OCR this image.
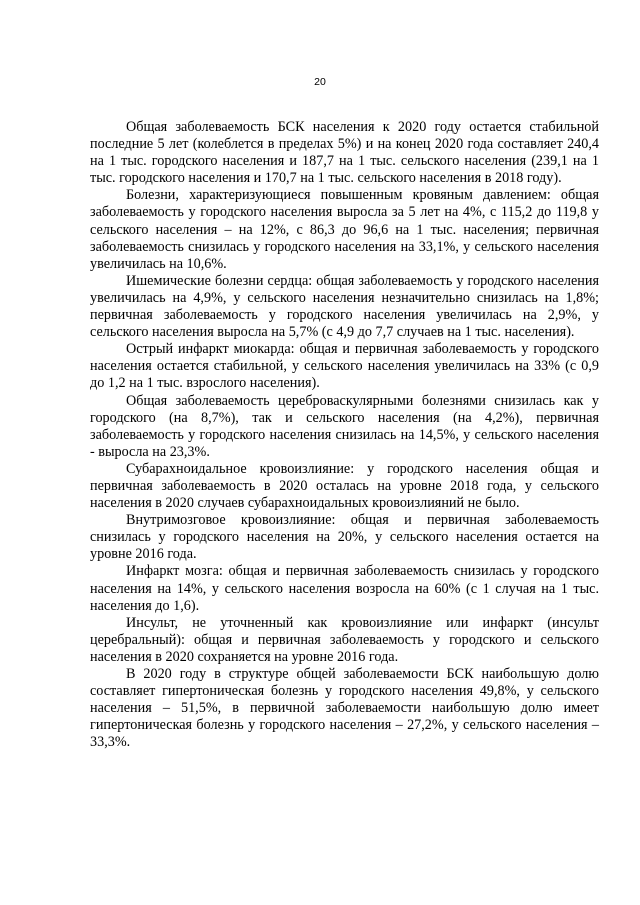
20

Общая заболеваемость БСК населения к 2020 году остается стабильной последние 5 лет (колеблется в пределах 5%) и на конец 2020 года составляет 240,4 на 1 тыс. городского населения и 187,7 на 1 тыс. сельского населения (239,1 на 1 тыс. городского населения и 170,7 на 1 тыс. сельского населения в 2018 году).

Болезни, характеризующиеся повышенным кровяным давлением: общая заболеваемость у городского населения выросла за 5 лет на 4%, с 115,2 до 119,8 у сельского населения – на 12%, с 86,3 до 96,6 на 1 тыс. населения; первичная заболеваемость снизилась у городского населения на 33,1%, у сельского населения увеличилась на 10,6%.

Ишемические болезни сердца: общая заболеваемость у городского населения увеличилась на 4,9%, у сельского населения незначительно снизилась на 1,8%; первичная заболеваемость у городского населения увеличилась на 2,9%, у сельского населения выросла на 5,7% (с 4,9 до 7,7 случаев на 1 тыс. населения).

Острый инфаркт миокарда: общая и первичная заболеваемость у городского населения остается стабильной, у сельского населения увеличилась на 33% (с 0,9 до 1,2 на 1 тыс. взрослого населения).

Общая заболеваемость цереброваскулярными болезнями снизилась как у городского (на 8,7%), так и сельского населения (на 4,2%), первичная заболеваемость у городского населения снизилась на 14,5%, у сельского населения - выросла на 23,3%.

Субарахноидальное кровоизлияние: у городского населения общая и первичная заболеваемость в 2020 осталась на уровне 2018 года, у сельского населения в 2020 случаев субарахноидальных кровоизлияний не было.

Внутримозговое кровоизлияние: общая и первичная заболеваемость снизилась у городского населения на 20%, у сельского населения остается на уровне 2016 года.

Инфаркт мозга: общая и первичная заболеваемость снизилась у городского населения на 14%, у сельского населения возросла на 60% (с 1 случая на 1 тыс. населения до 1,6).

Инсульт, не уточненный как кровоизлияние или инфаркт (инсульт церебральный): общая и первичная заболеваемость у городского и сельского населения в 2020 сохраняется на уровне 2016 года.

В 2020 году в структуре общей заболеваемости БСК наибольшую долю составляет гипертоническая болезнь у городского населения 49,8%, у сельского населения – 51,5%, в первичной заболеваемости наибольшую долю имеет гипертоническая болезнь у городского населения – 27,2%, у сельского населения – 33,3%.
